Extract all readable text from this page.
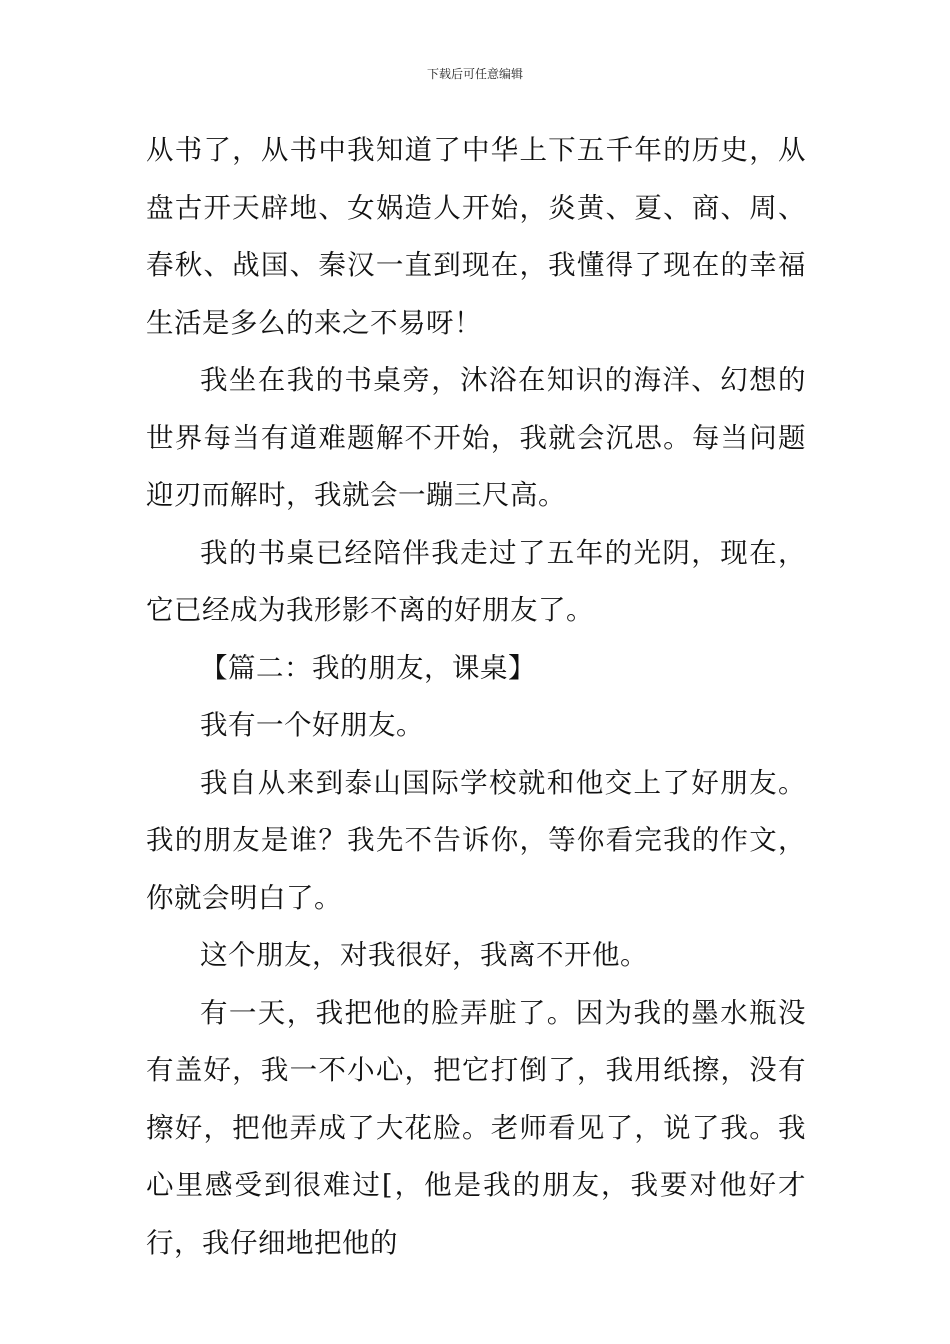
下载后可任意编辑

从书了，从书中我知道了中华上下五千年的历史，从盘古开天辟地、女娲造人开始，炎黄、夏、商、周、春秋、战国、秦汉一直到现在，我懂得了现在的幸福生活是多么的来之不易呀！

我坐在我的书桌旁，沐浴在知识的海洋、幻想的世界每当有道难题解不开始，我就会沉思。每当问题迎刃而解时，我就会一蹦三尺高。

我的书桌已经陪伴我走过了五年的光阴，现在，它已经成为我形影不离的好朋友了。

【篇二：我的朋友，课桌】

我有一个好朋友。

我自从来到泰山国际学校就和他交上了好朋友。我的朋友是谁？我先不告诉你，等你看完我的作文，你就会明白了。

这个朋友，对我很好，我离不开他。

有一天，我把他的脸弄脏了。因为我的墨水瓶没有盖好，我一不小心，把它打倒了，我用纸擦，没有擦好，把他弄成了大花脸。老师看见了，说了我。我心里感受到很难过[，他是我的朋友，我要对他好才行，我仔细地把他的
